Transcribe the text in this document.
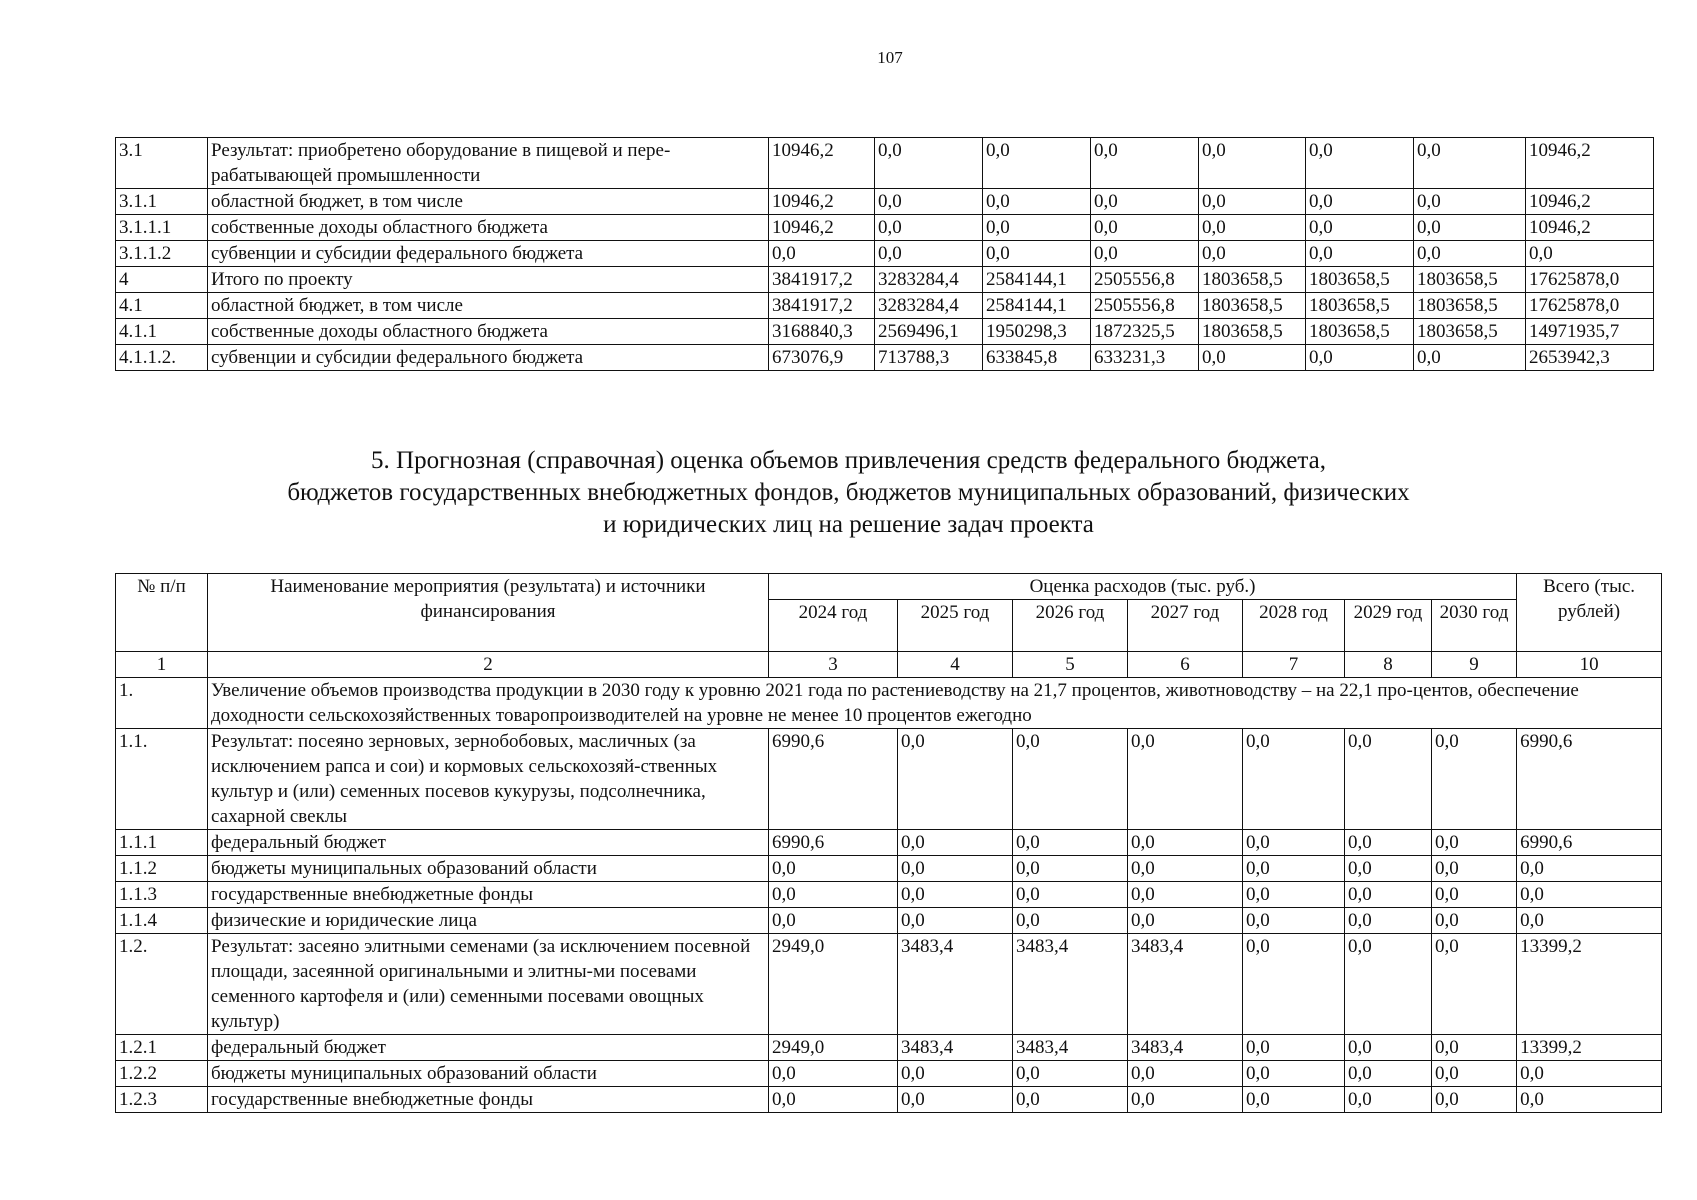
107
3.1	Результат: приобретено оборудование в пищевой и пере-рабатывающей промышленности	10946,2	0,0	0,0	0,0	0,0	0,0	0,0	10946,2
3.1.1	областной бюджет, в том числе	10946,2	0,0	0,0	0,0	0,0	0,0	0,0	10946,2
3.1.1.1	собственные доходы областного бюджета	10946,2	0,0	0,0	0,0	0,0	0,0	0,0	10946,2
3.1.1.2	субвенции и субсидии федерального бюджета	0,0	0,0	0,0	0,0	0,0	0,0	0,0	0,0
4	Итого по проекту	3841917,2	3283284,4	2584144,1	2505556,8	1803658,5	1803658,5	1803658,5	17625878,0
4.1	областной бюджет, в том числе	3841917,2	3283284,4	2584144,1	2505556,8	1803658,5	1803658,5	1803658,5	17625878,0
4.1.1	собственные доходы областного бюджета	3168840,3	2569496,1	1950298,3	1872325,5	1803658,5	1803658,5	1803658,5	14971935,7
4.1.1.2.	субвенции и субсидии федерального бюджета	673076,9	713788,3	633845,8	633231,3	0,0	0,0	0,0	2653942,3
5. Прогнозная (справочная) оценка объемов привлечения средств федерального бюджета,
бюджетов государственных внебюджетных фондов, бюджетов муниципальных образований, физических
и юридических лиц на решение задач проекта
№ п/п	Наименование мероприятия (результата) и источники финансирования	Оценка расходов (тыс. руб.)							Всего (тыс. рублей)
		2024 год	2025 год	2026 год	2027 год	2028 год	2029 год	2030 год	
1	2	3	4	5	6	7	8	9	10
1.	Увеличение объемов производства продукции в 2030 году к уровню 2021 года по растениеводству на 21,7 процентов, животноводству – на 22,1 про-центов, обеспечение доходности сельскохозяйственных товаропроизводителей на уровне не менее 10 процентов ежегодно								
1.1.	Результат: посеяно зерновых, зернобобовых, масличных (за исключением рапса и сои) и кормовых сельскохозяй-ственных культур и (или) семенных посевов кукурузы, подсолнечника, сахарной свеклы	6990,6	0,0	0,0	0,0	0,0	0,0	0,0	6990,6
1.1.1	федеральный бюджет	6990,6	0,0	0,0	0,0	0,0	0,0	0,0	6990,6
1.1.2	бюджеты муниципальных образований области	0,0	0,0	0,0	0,0	0,0	0,0	0,0	0,0
1.1.3	государственные внебюджетные фонды	0,0	0,0	0,0	0,0	0,0	0,0	0,0	0,0
1.1.4	физические и юридические лица	0,0	0,0	0,0	0,0	0,0	0,0	0,0	0,0
1.2.	Результат: засеяно элитными семенами (за исключением посевной площади, засеянной оригинальными и элитны-ми посевами семенного картофеля и (или) семенными посевами овощных культур)	2949,0	3483,4	3483,4	3483,4	0,0	0,0	0,0	13399,2
1.2.1	федеральный бюджет	2949,0	3483,4	3483,4	3483,4	0,0	0,0	0,0	13399,2
1.2.2	бюджеты муниципальных образований области	0,0	0,0	0,0	0,0	0,0	0,0	0,0	0,0
1.2.3	государственные внебюджетные фонды	0,0	0,0	0,0	0,0	0,0	0,0	0,0	0,0
